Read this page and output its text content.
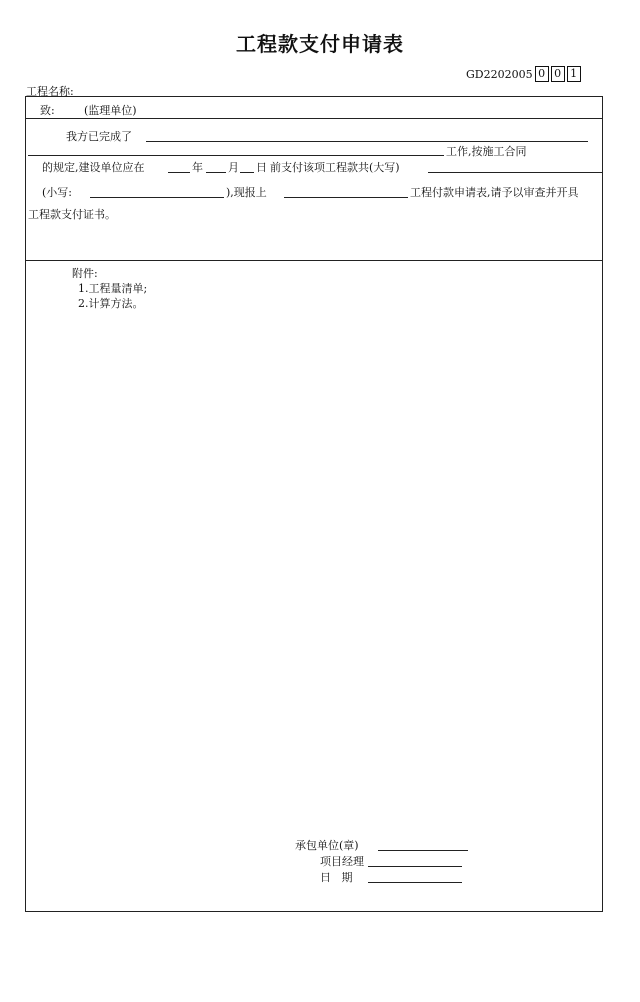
工程款支付申请表
GD2202005 0 0 1
工程名称:
致:	(监理单位)
我方已完成了
工作,按施工合同
的规定,建设单位应在	年 月 日 前支付该项工程款共(大写)
(小写:	),现报上	工程付款申请表,请予以审查并开具
工程款支付证书。
附件:
1.工程量清单;
2.计算方法。
承包单位(章)
项目经理
日   期
